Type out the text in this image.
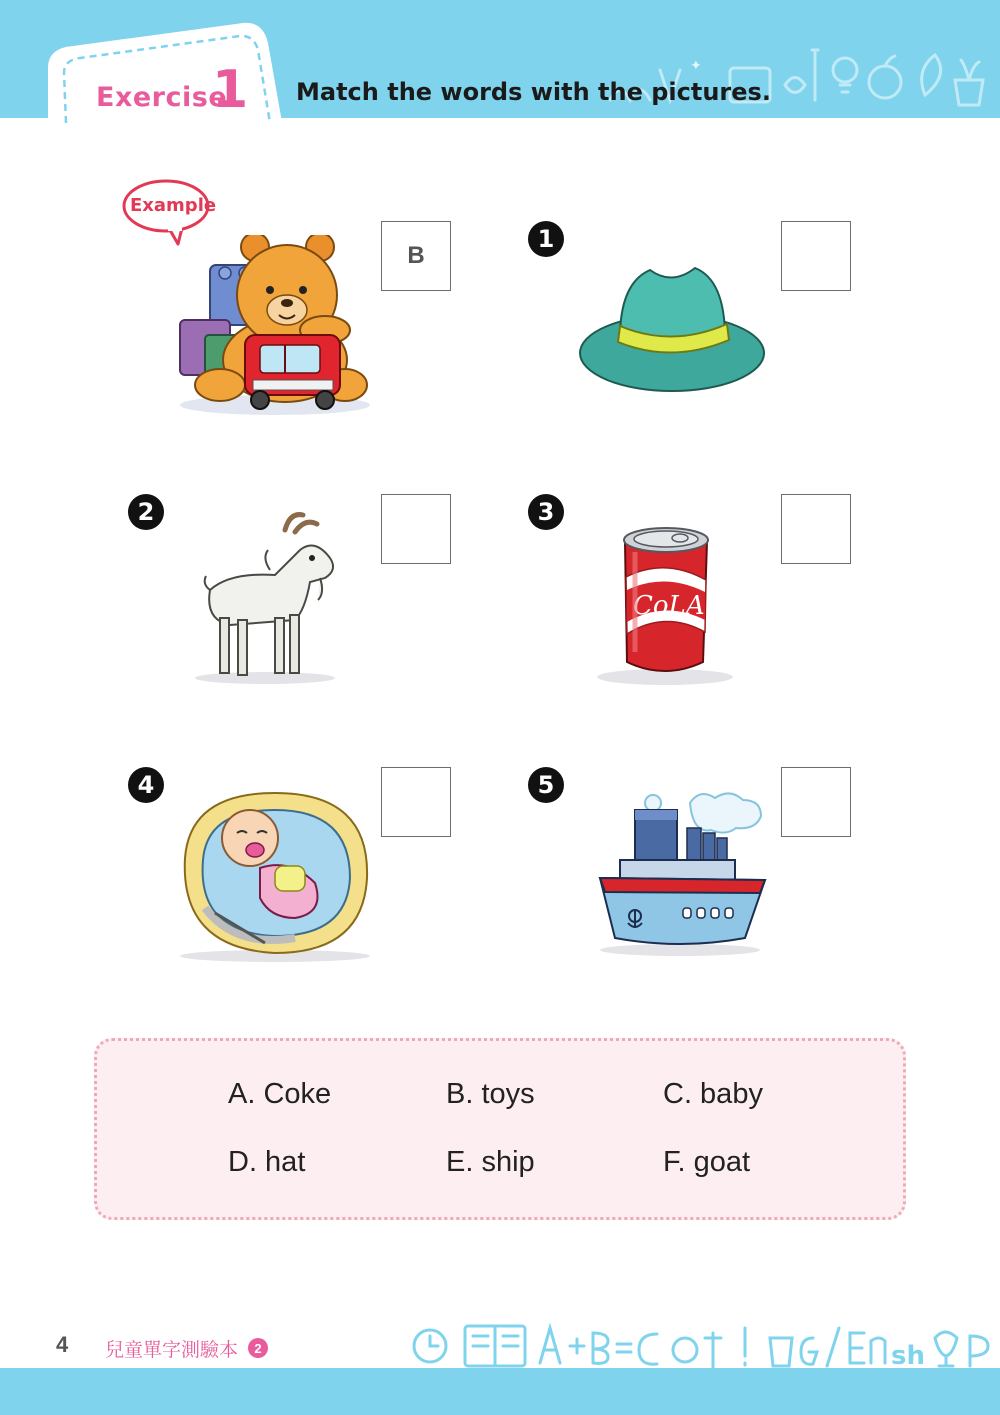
✦
Exercise
1 Match the words with the pictures.
Example
B
1
2	3
CoLA
4	5
A. Coke	B. toys	C. baby
D. hat	E. ship	F. goat
sh
4 兒童單字測驗本	2
